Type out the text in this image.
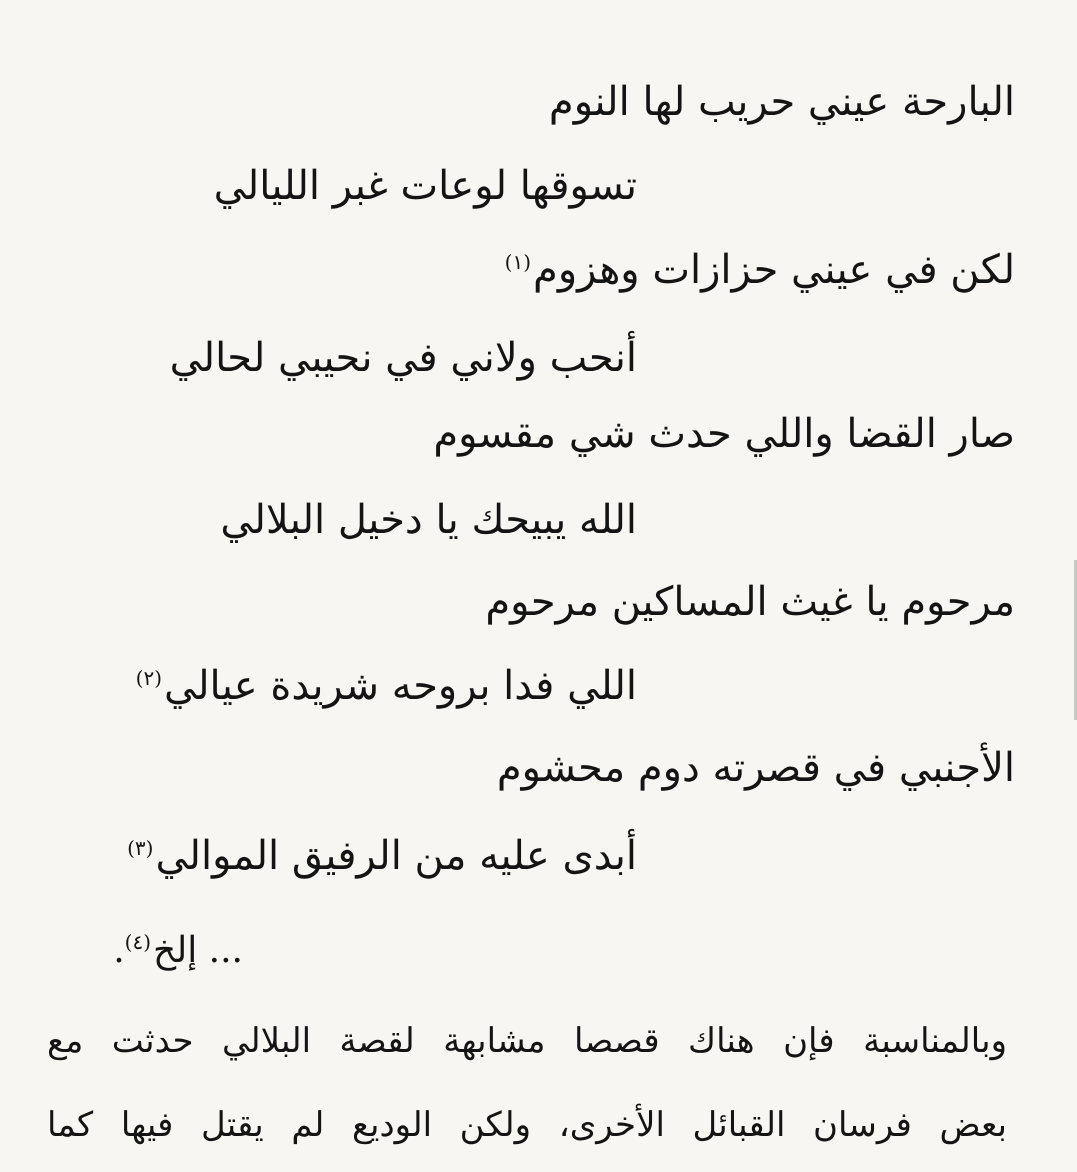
البارحة عيني حريب لها النوم
تسوقها لوعات غبر الليالي
لكن في عيني حزازات وهزوم$^{(١)}$
أنحب ولاني في نحيبي لحالي
صار القضا واللي حدث شي مقسوم
الله يبيحك يا دخيل البلالي
مرحوم يا غيث المساكين مرحوم
اللي فدا بروحه شريدة عيالي$^{(٢)}$
الأجنبي في قصرته دوم محشوم
أبدى عليه من الرفيق الموالي$^{(٣)}$
... إلخ$^{(٤)}$.
وبالمناسبة فإن هناك قصصا مشابهة لقصة البلالي حدثت مع
بعض فرسان القبائل الأخرى، ولكن الوديع لم يقتل فيها كما
